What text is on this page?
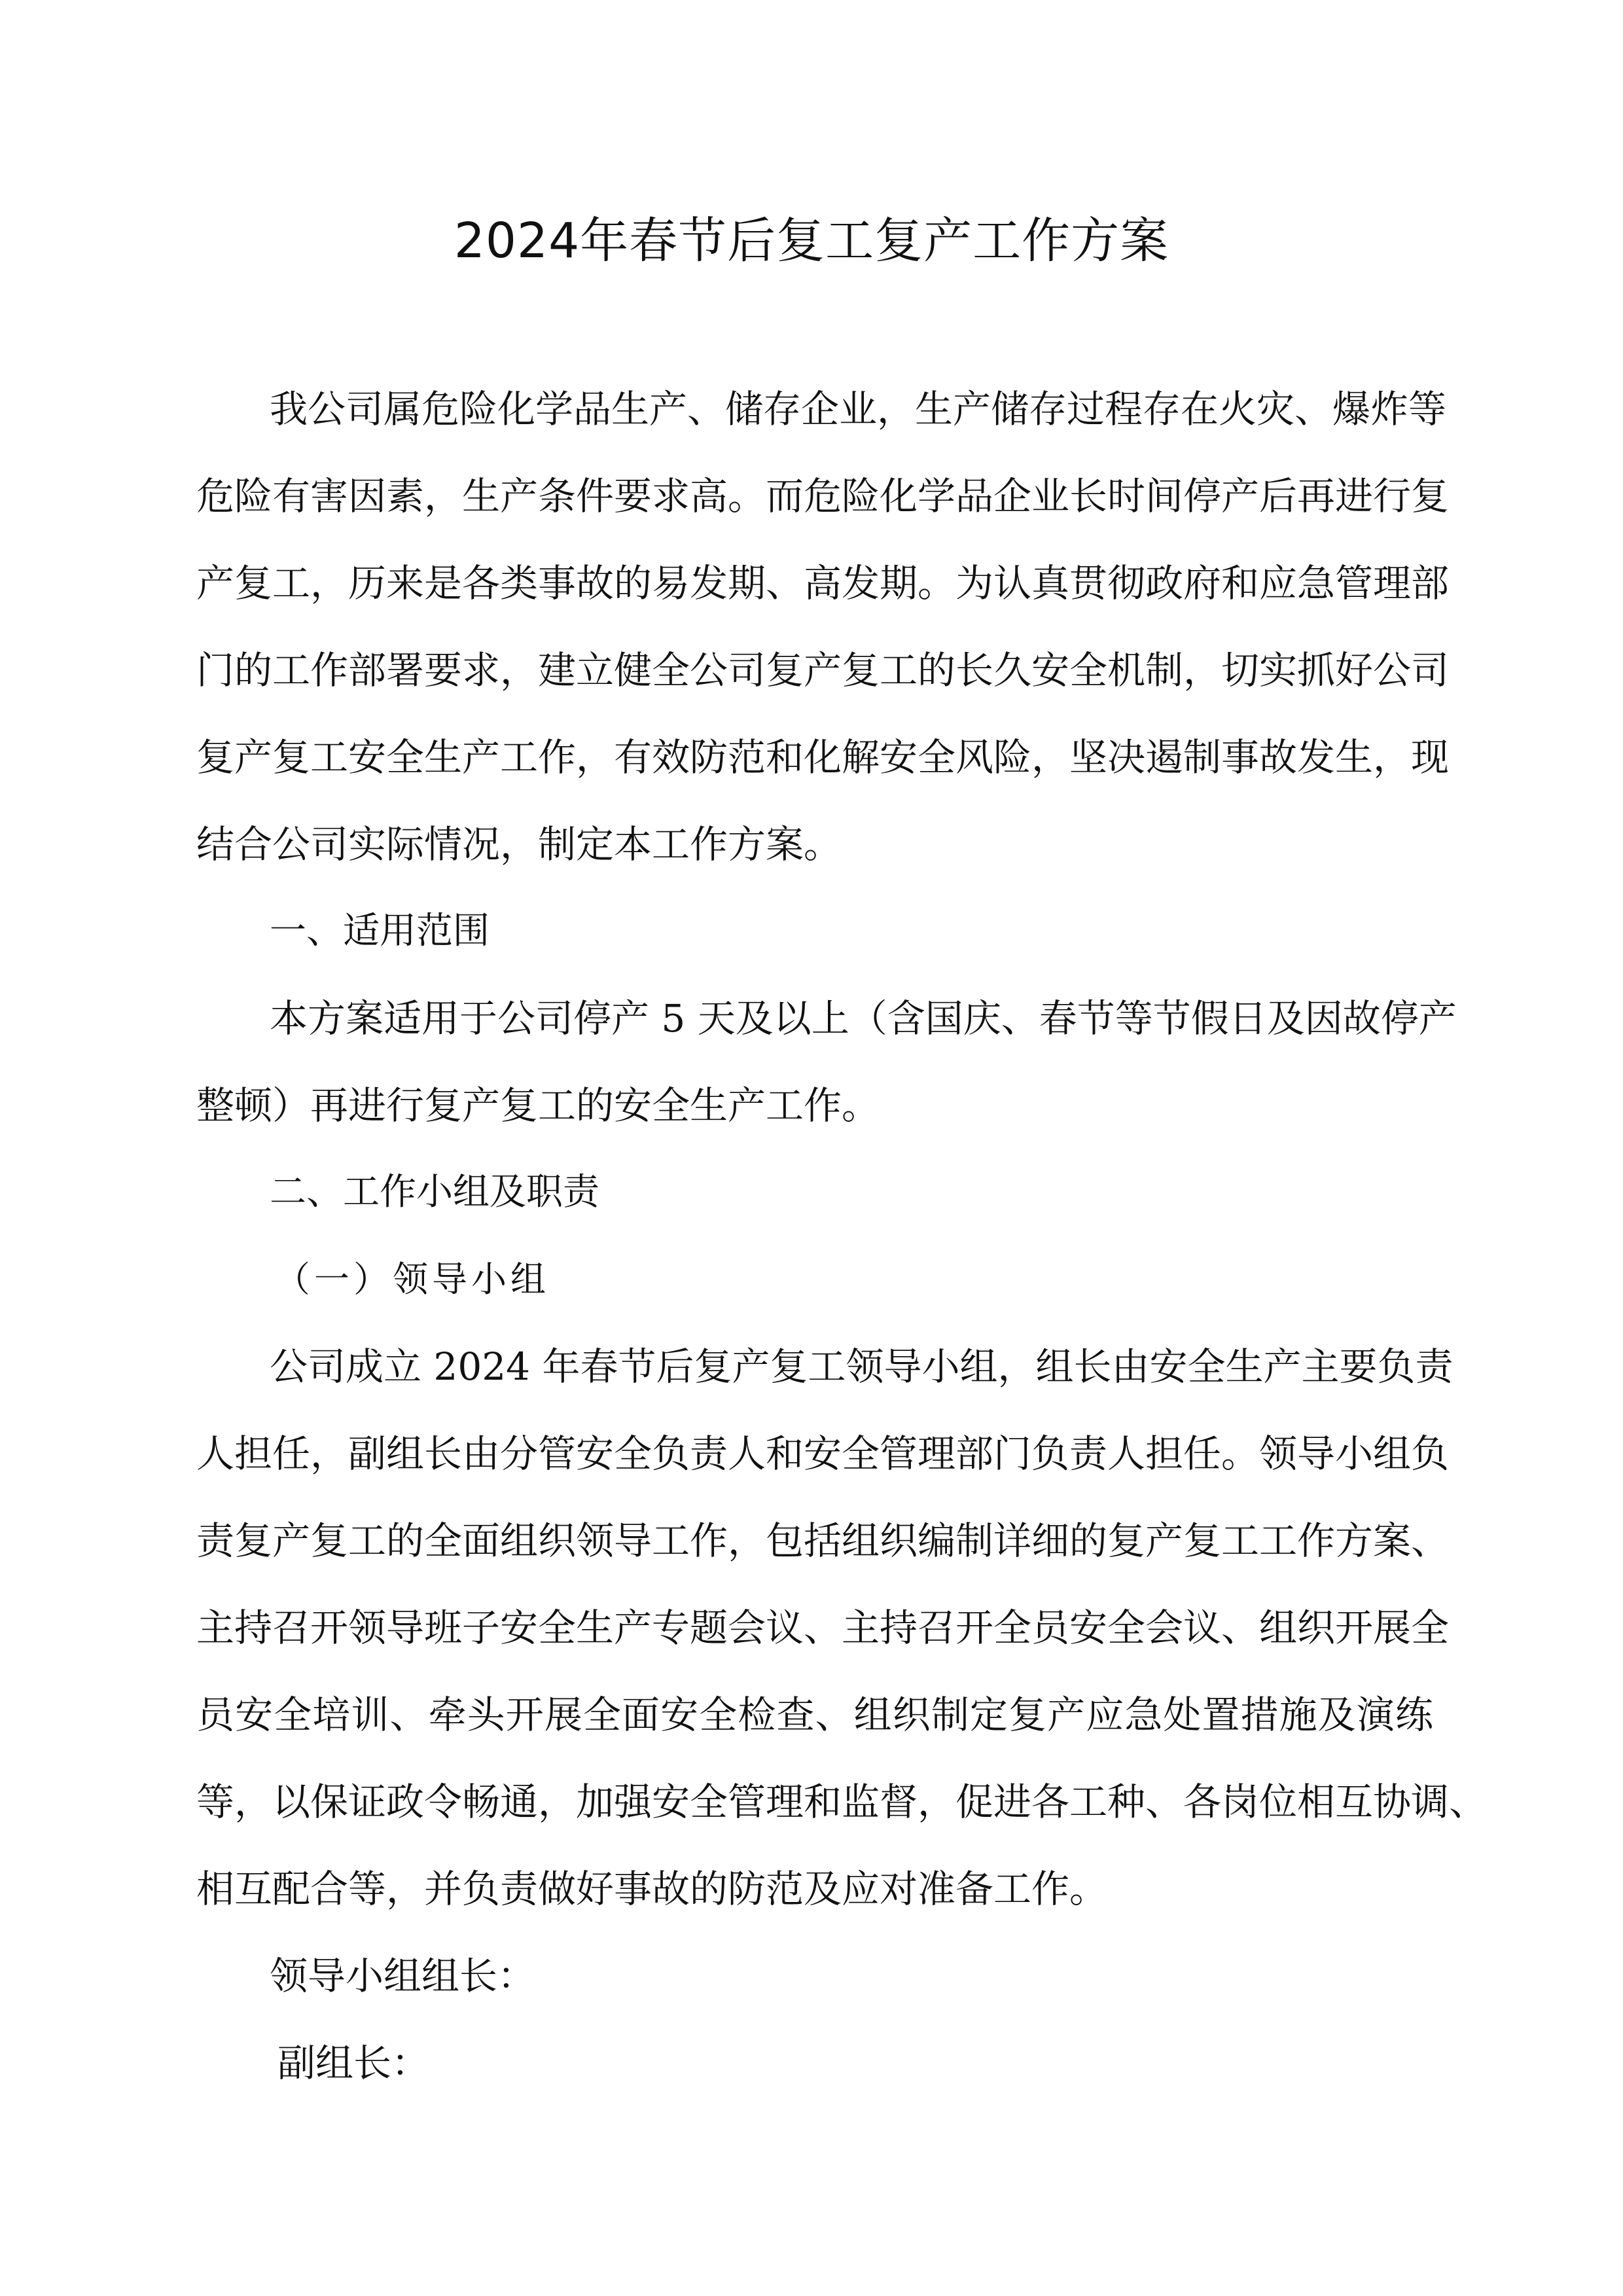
2024年春节后复工复产工作方案
我公司属危险化学品生产、储存企业，生产储存过程存在火灾、爆炸等
危险有害因素，生产条件要求高。而危险化学品企业长时间停产后再进行复
产复工，历来是各类事故的易发期、高发期。为认真贯彻政府和应急管理部
门的工作部署要求，建立健全公司复产复工的长久安全机制，切实抓好公司
复产复工安全生产工作，有效防范和化解安全风险，坚决遏制事故发生，现
结合公司实际情况，制定本工作方案。
一、适用范围
本方案适用于公司停产 5 天及以上（含国庆、春节等节假日及因故停产
整顿）再进行复产复工的安全生产工作。
二、工作小组及职责
（一）领导小组
公司成立 2024 年春节后复产复工领导小组，组长由安全生产主要负责
人担任，副组长由分管安全负责人和安全管理部门负责人担任。领导小组负
责复产复工的全面组织领导工作，包括组织编制详细的复产复工工作方案、
主持召开领导班子安全生产专题会议、主持召开全员安全会议、组织开展全
员安全培训、牵头开展全面安全检查、组织制定复产应急处置措施及演练
等，以保证政令畅通，加强安全管理和监督，促进各工种、各岗位相互协调、
相互配合等，并负责做好事故的防范及应对准备工作。
领导小组组长：
副组长：
